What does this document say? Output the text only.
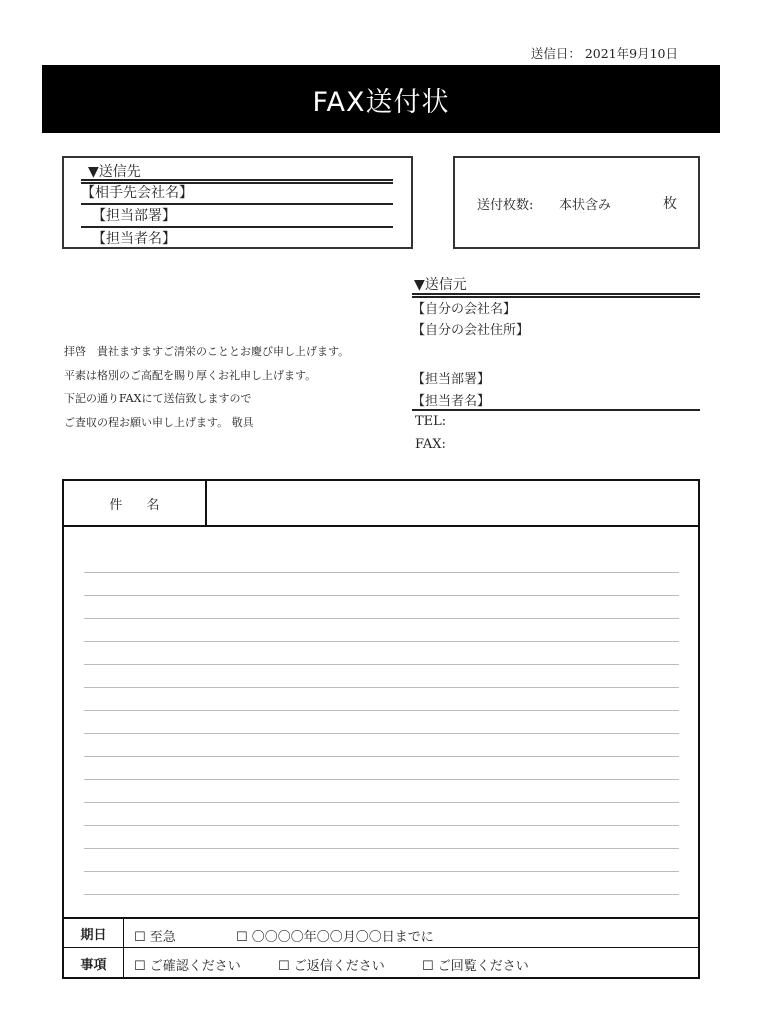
送信日： 2021年9月10日
FAX送付状
▼送信先
【相手先会社名】
【担当部署】
【担当者名】
送付枚数: 本状含み	枚
▼送信元
【自分の会社名】
【自分の会社住所】
【担当部署】
【担当者名】
TEL:
FAX:
拝啓　貴社ますますご清栄のこととお慶び申し上げます。
平素は格別のご高配を賜り厚くお礼申し上げます。
下記の通りFAXにて送信致しますので
ご査収の程お願い申し上げます。 敬具
件 名
期日	☐ 至急	☐ 〇〇〇〇年〇〇月〇〇日までに
事項	☐ ご確認ください	☐ ご返信ください	☐ ご回覧ください
